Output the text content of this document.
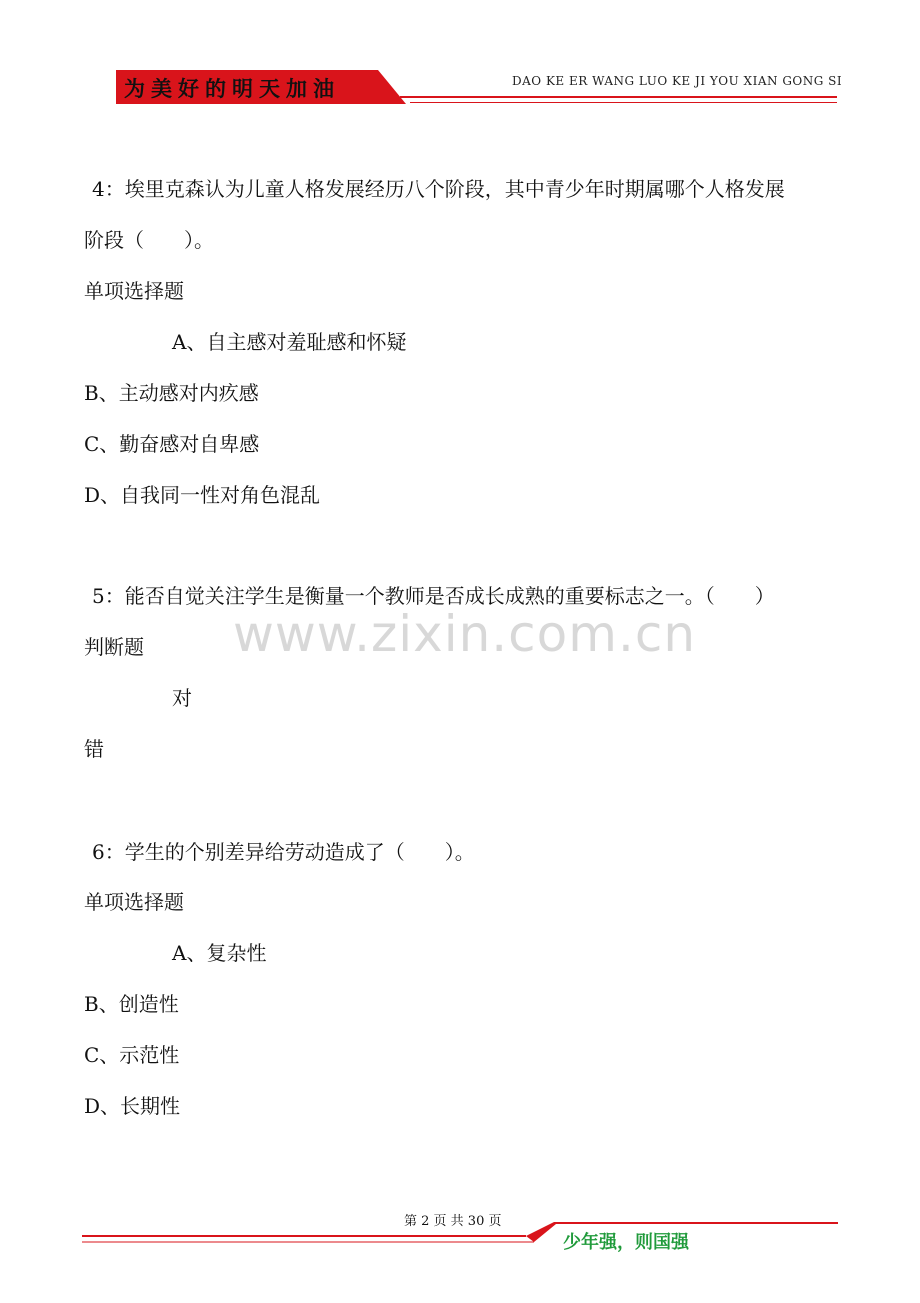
为美好的明天加油	DAO KE ER WANG LUO KE JI YOU XIAN GONG SI
www.zixin.com.cn
4：埃里克森认为儿童人格发展经历八个阶段，其中青少年时期属哪个人格发展
阶段（　　）。
单项选择题
A、自主感对羞耻感和怀疑
B、主动感对内疚感
C、勤奋感对自卑感
D、自我同一性对角色混乱
5：能否自觉关注学生是衡量一个教师是否成长成熟的重要标志之一。（　　）
判断题
对
错
6：学生的个别差异给劳动造成了（　　）。
单项选择题
A、复杂性
B、创造性
C、示范性
D、长期性
第 2 页 共 30 页
少年强，则国强
